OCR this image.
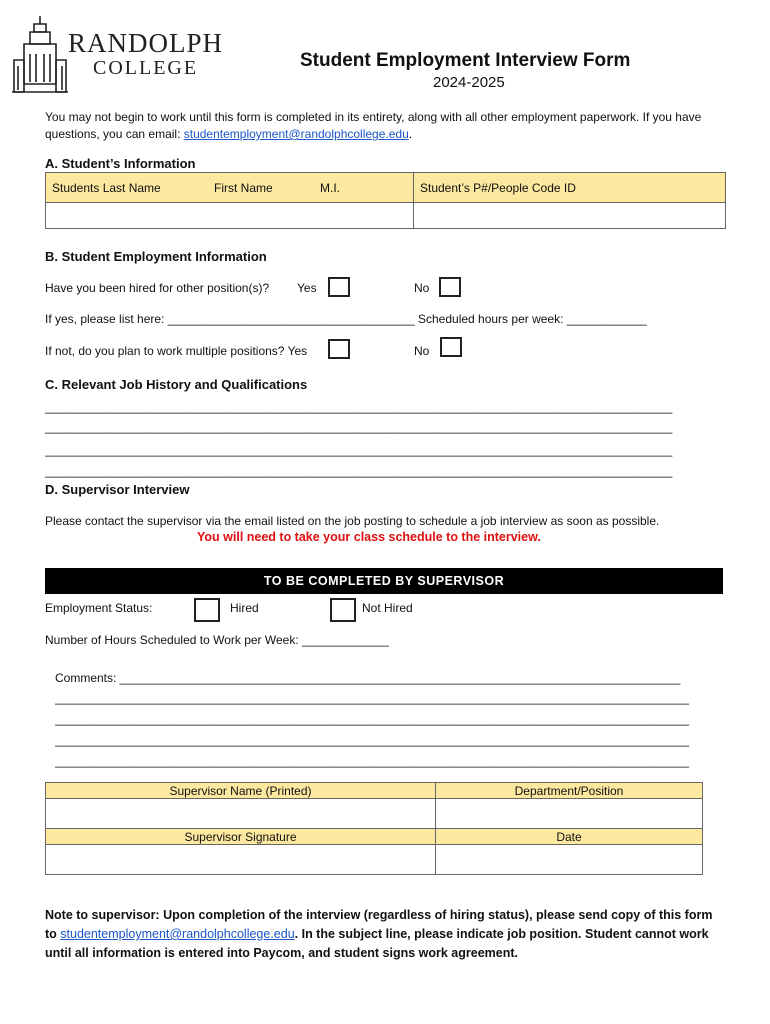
RANDOLPH
COLLEGE	Student Employment Interview Form
2024-2025
You may not begin to work until this form is completed in its entirety, along with all other employment paperwork. If you have questions, you can email: studentemployment@randolphcollege.edu.
A. Student’s Information
Students Last Name First Name M.I.	Student’s P#/People Code ID

B. Student Employment Information
Have you been hired for other position(s)? Yes	No
If yes, please list here: _____________________________________ Scheduled hours per week: ____________
If not, do you plan to work multiple positions? Yes	No
C. Relevant Job History and Qualifications
______________________________________________________________________________________________
______________________________________________________________________________________________
______________________________________________________________________________________________
______________________________________________________________________________________________
D. Supervisor Interview
Please contact the supervisor via the email listed on the job posting to schedule a job interview as soon as possible.
You will need to take your class schedule to the interview.
TO BE COMPLETED BY SUPERVISOR
Employment Status:	Hired	Not Hired
Number of Hours Scheduled to Work per Week: _____________
Comments: ____________________________________________________________________________________
_______________________________________________________________________________________________
_______________________________________________________________________________________________
_______________________________________________________________________________________________
_______________________________________________________________________________________________
Supervisor Name (Printed)	Department/Position

Supervisor Signature	Date

Note to supervisor: Upon completion of the interview (regardless of hiring status), please send copy of this form to studentemployment@randolphcollege.edu. In the subject line, please indicate job position. Student cannot work until all information is entered into Paycom, and student signs work agreement.
